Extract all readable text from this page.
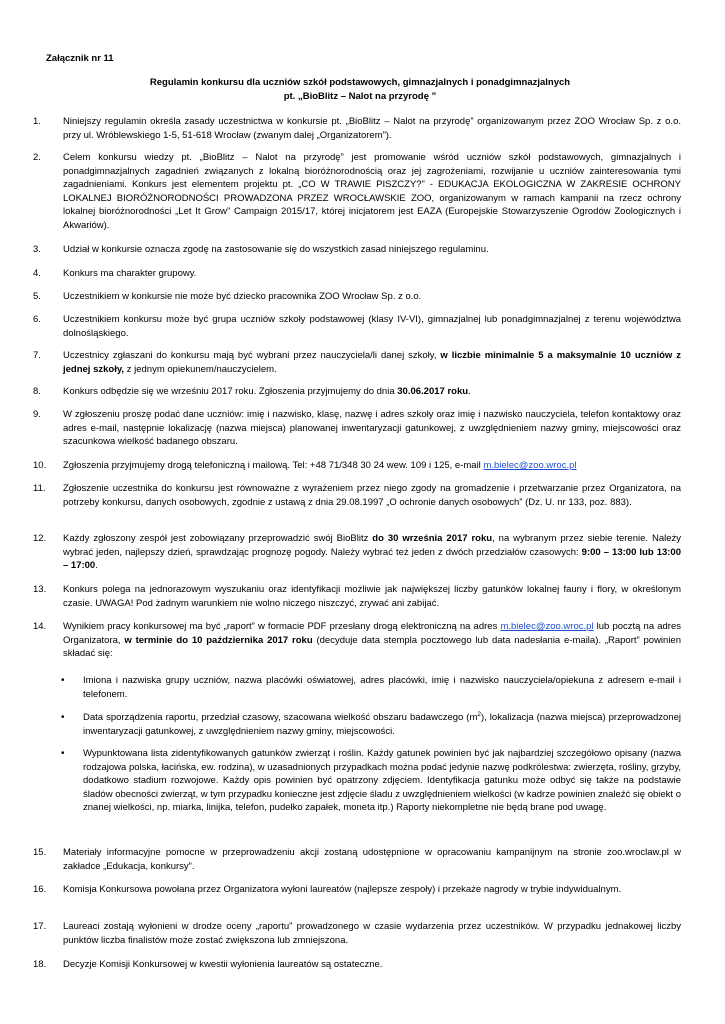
Załącznik nr 11
Regulamin konkursu dla uczniów szkół podstawowych, gimnazjalnych i ponadgimnazjalnych
pt. „BioBlitz – Nalot na przyrodę ”
1.	Niniejszy regulamin określa zasady uczestnictwa w konkursie pt. „BioBlitz – Nalot na przyrodę” organizowanym przez ZOO Wrocław Sp. z o.o. przy ul. Wróblewskiego 1-5, 51-618 Wrocław (zwanym dalej „Organizatorem”).
2.	Celem konkursu wiedzy pt. „BioBlitz – Nalot na przyrodę” jest promowanie wśród uczniów szkół podstawowych, gimnazjalnych i ponadgimnazjalnych zagadnień związanych z lokalną bioróżnorodnością oraz jej zagrożeniami, rozwijanie u uczniów zainteresowania tymi zagadnieniami. Konkurs jest elementem projektu pt. „CO W TRAWIE PISZCZY?” - EDUKACJA EKOLOGICZNA W ZAKRESIE OCHRONY LOKALNEJ BIORÓŻNORODNOŚCI PROWADZONA PRZEZ WROCŁAWSKIE ZOO, organizowanym w ramach kampanii na rzecz ochrony lokalnej bioróżnorodności „Let It Grow” Campaign 2015/17, której inicjatorem jest EAZA (Europejskie Stowarzyszenie Ogrodów Zoologicznych i Akwariów).
3.	Udział w konkursie oznacza zgodę na zastosowanie się do wszystkich zasad niniejszego regulaminu.
4.	Konkurs ma charakter grupowy.
5.	Uczestnikiem w konkursie nie może być dziecko pracownika ZOO Wrocław Sp. z o.o.
6.	Uczestnikiem konkursu może być grupa uczniów szkoły podstawowej (klasy IV-VI), gimnazjalnej lub ponadgimnazjalnej z terenu województwa dolnośląskiego.
7.	Uczestnicy zgłaszani do konkursu mają być wybrani przez nauczyciela/li danej szkoły, w liczbie minimalnie 5 a maksymalnie 10 uczniów z jednej szkoły, z jednym opiekunem/nauczycielem.
8.	Konkurs odbędzie się we wrześniu 2017 roku. Zgłoszenia przyjmujemy do dnia 30.06.2017 roku.
9.	W zgłoszeniu proszę podać dane uczniów: imię i nazwisko, klasę, nazwę i adres szkoły oraz imię i nazwisko nauczyciela, telefon kontaktowy oraz adres e-mail, następnie lokalizację (nazwa miejsca) planowanej inwentaryzacji gatunkowej, z uwzględnieniem nazwy gminy, miejscowości oraz szacunkowa wielkość badanego obszaru.
10.	Zgłoszenia przyjmujemy drogą telefoniczną i mailową. Tel: +48 71/348 30 24 wew. 109 i 125, e-mail m.bielec@zoo.wroc.pl
11.	Zgłoszenie uczestnika do konkursu jest równoważne z wyrażeniem przez niego zgody na gromadzenie i przetwarzanie przez Organizatora, na potrzeby konkursu, danych osobowych, zgodnie z ustawą z dnia 29.08.1997 „O ochronie danych osobowych” (Dz. U. nr 133, poz. 883).
12.	Każdy zgłoszony zespół jest zobowiązany przeprowadzić swój BioBlitz do 30 września 2017 roku, na wybranym przez siebie terenie. Należy wybrać jeden, najlepszy dzień, sprawdzając prognozę pogody. Należy wybrać też jeden z dwóch przedziałów czasowych: 9:00 – 13:00 lub 13:00 – 17:00.
13.	Konkurs polega na jednorazowym wyszukaniu oraz identyfikacji możliwie jak największej liczby gatunków lokalnej fauny i flory, w określonym czasie. UWAGA! Pod żadnym warunkiem nie wolno niczego niszczyć, zrywać ani zabijać.
14.	Wynikiem pracy konkursowej ma być „raport” w formacie PDF przesłany drogą elektroniczną na adres m.bielec@zoo.wroc.pl lub pocztą na adres Organizatora, w terminie do 10 października 2017 roku (decyduje data stempla pocztowego lub data nadesłania e-maila). „Raport” powinien składać się:
• Imiona i nazwiska grupy uczniów, nazwa placówki oświatowej, adres placówki, imię i nazwisko nauczyciela/opiekuna z adresem e-mail i telefonem.
• Data sporządzenia raportu, przedział czasowy, szacowana wielkość obszaru badawczego $(m^2)$, lokalizacja (nazwa miejsca) przeprowadzonej inwentaryzacji gatunkowej, z uwzględnieniem nazwy gminy, miejscowości.
• Wypunktowana lista zidentyfikowanych gatunków zwierząt i roślin. Każdy gatunek powinien być jak najbardziej szczegółowo opisany (nazwa rodzajowa polska, łacińska, ew. rodzina), w uzasadnionych przypadkach można podać jedynie nazwę podkrólestwa: zwierzęta, rośliny, grzyby, dodatkowo stadium rozwojowe. Każdy opis powinien być opatrzony zdjęciem. Identyfikacja gatunku może odbyć się także na podstawie śladów obecności zwierząt, w tym przypadku konieczne jest zdjęcie śladu z uwzględnieniem wielkości (w kadrze powinien znaleźć się obiekt o znanej wielkości, np. miarka, linijka, telefon, pudełko zapałek, moneta itp.) Raporty niekompletne nie będą brane pod uwagę.
15.	Materiały informacyjne pomocne w przeprowadzeniu akcji zostaną udostępnione w opracowaniu kampanijnym na stronie zoo.wroclaw.pl w zakładce „Edukacja, konkursy”.
16.	Komisja Konkursowa powołana przez Organizatora wyłoni laureatów (najlepsze zespoły) i przekaże nagrody w trybie indywidualnym.
17.	Laureaci zostają wyłonieni w drodze oceny „raportu” prowadzonego w czasie wydarzenia przez uczestników. W przypadku jednakowej liczby punktów liczba finalistów może zostać zwiększona lub zmniejszona.
18.	Decyzje Komisji Konkursowej w kwestii wyłonienia laureatów są ostateczne.
